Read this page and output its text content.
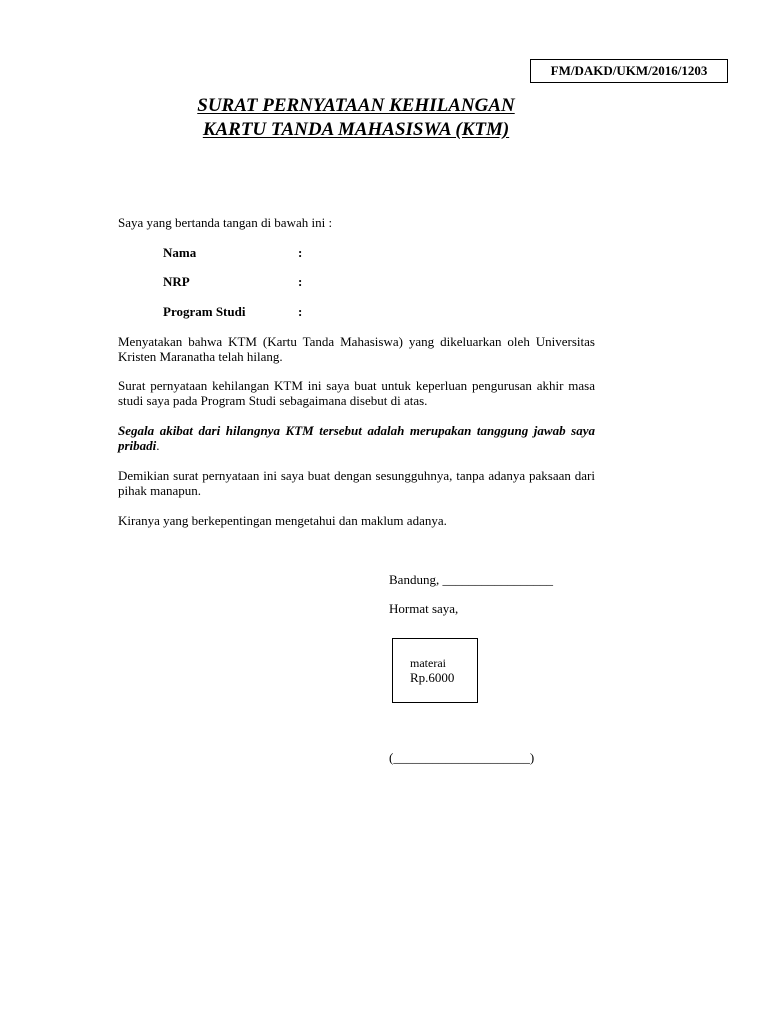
FM/DAKD/UKM/2016/1203
SURAT PERNYATAAN KEHILANGAN
KARTU TANDA MAHASISWA (KTM)
Saya yang bertanda tangan di bawah ini :
Nama	:
NRP	:
Program Studi	:
Menyatakan bahwa KTM (Kartu Tanda Mahasiswa) yang dikeluarkan oleh Universitas Kristen Maranatha telah hilang.
Surat pernyataan kehilangan KTM ini saya buat untuk keperluan pengurusan akhir masa studi saya pada Program Studi sebagaimana disebut di atas.
Segala akibat dari hilangnya KTM tersebut adalah merupakan tanggung jawab saya pribadi.
Demikian surat pernyataan ini saya buat dengan sesungguhnya, tanpa adanya paksaan dari pihak manapun.
Kiranya yang berkepentingan mengetahui dan maklum adanya.
Bandung, _________________
Hormat saya,
materai
Rp.6000
(_____________________)
